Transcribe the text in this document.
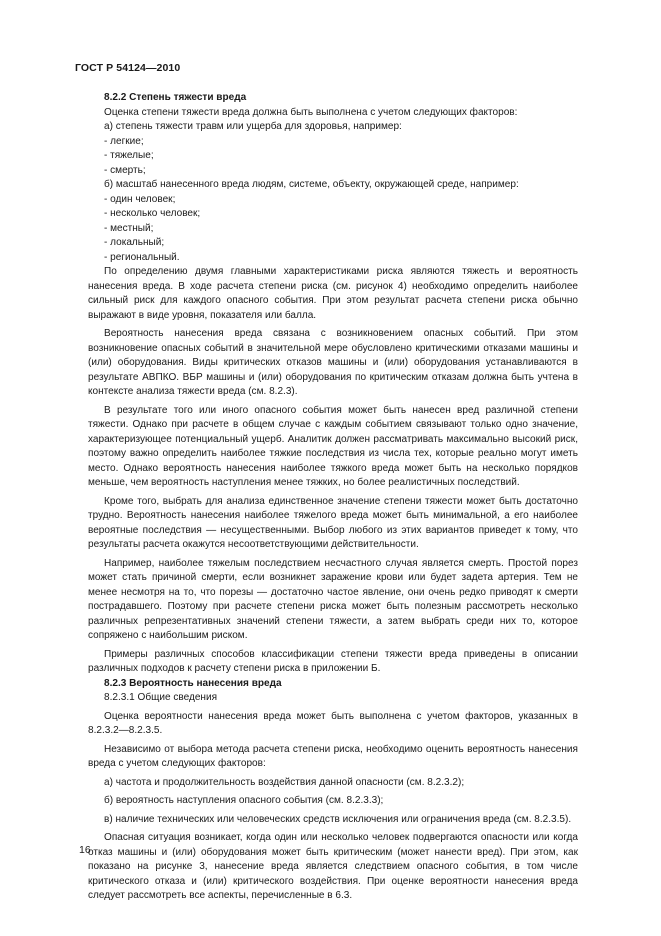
ГОСТ Р 54124—2010

8.2.2 Степень тяжести вреда

Оценка степени тяжести вреда должна быть выполнена с учетом следующих факторов:

а) степень тяжести травм или ущерба для здоровья, например:

- легкие;

- тяжелые;

- смерть;

б) масштаб нанесенного вреда людям, системе, объекту, окружающей среде, например:

- один человек;

- несколько человек;

- местный;

- локальный;

- региональный.

По определению двумя главными характеристиками риска являются тяжесть и вероятность нанесения вреда. В ходе расчета степени риска (см. рисунок 4) необходимо определить наиболее сильный риск для каждого опасного события. При этом результат расчета степени риска обычно выражают в виде уровня, показателя или балла.

Вероятность нанесения вреда связана с возникновением опасных событий. При этом возникновение опасных событий в значительной мере обусловлено критическими отказами машины и (или) оборудования. Виды критических отказов машины и (или) оборудования устанавливаются в результате АВПКО. ВБР машины и (или) оборудования по критическим отказам должна быть учтена в контексте анализа тяжести вреда (см. 8.2.3).

В результате того или иного опасного события может быть нанесен вред различной степени тяжести. Однако при расчете в общем случае с каждым событием связывают только одно значение, характеризующее потенциальный ущерб. Аналитик должен рассматривать максимально высокий риск, поэтому важно определить наиболее тяжкие последствия из числа тех, которые реально могут иметь место. Однако вероятность нанесения наиболее тяжкого вреда может быть на несколько порядков меньше, чем вероятность наступления менее тяжких, но более реалистичных последствий.

Кроме того, выбрать для анализа единственное значение степени тяжести может быть достаточно трудно. Вероятность нанесения наиболее тяжелого вреда может быть минимальной, а его наиболее вероятные последствия — несущественными. Выбор любого из этих вариантов приведет к тому, что результаты расчета окажутся несоответствующими действительности.

Например, наиболее тяжелым последствием несчастного случая является смерть. Простой порез может стать причиной смерти, если возникнет заражение крови или будет задета артерия. Тем не менее несмотря на то, что порезы — достаточно частое явление, они очень редко приводят к смерти пострадавшего. Поэтому при расчете степени риска может быть полезным рассмотреть несколько различных репрезентативных значений степени тяжести, а затем выбрать среди них то, которое сопряжено с наибольшим риском.

Примеры различных способов классификации степени тяжести вреда приведены в описании различных подходов к расчету степени риска в приложении Б.

8.2.3 Вероятность нанесения вреда

8.2.3.1 Общие сведения

Оценка вероятности нанесения вреда может быть выполнена с учетом факторов, указанных в 8.2.3.2—8.2.3.5.

Независимо от выбора метода расчета степени риска, необходимо оценить вероятность нанесения вреда с учетом следующих факторов:

а) частота и продолжительность воздействия данной опасности (см. 8.2.3.2);

б) вероятность наступления опасного события (см. 8.2.3.3);

в) наличие технических или человеческих средств исключения или ограничения вреда (см. 8.2.3.5).

Опасная ситуация возникает, когда один или несколько человек подвергаются опасности или когда отказ машины и (или) оборудования может быть критическим (может нанести вред). При этом, как показано на рисунке 3, нанесение вреда является следствием опасного события, в том числе критического отказа и (или) критического воздействия. При оценке вероятности нанесения вреда следует рассмотреть все аспекты, перечисленные в 6.3.

16
